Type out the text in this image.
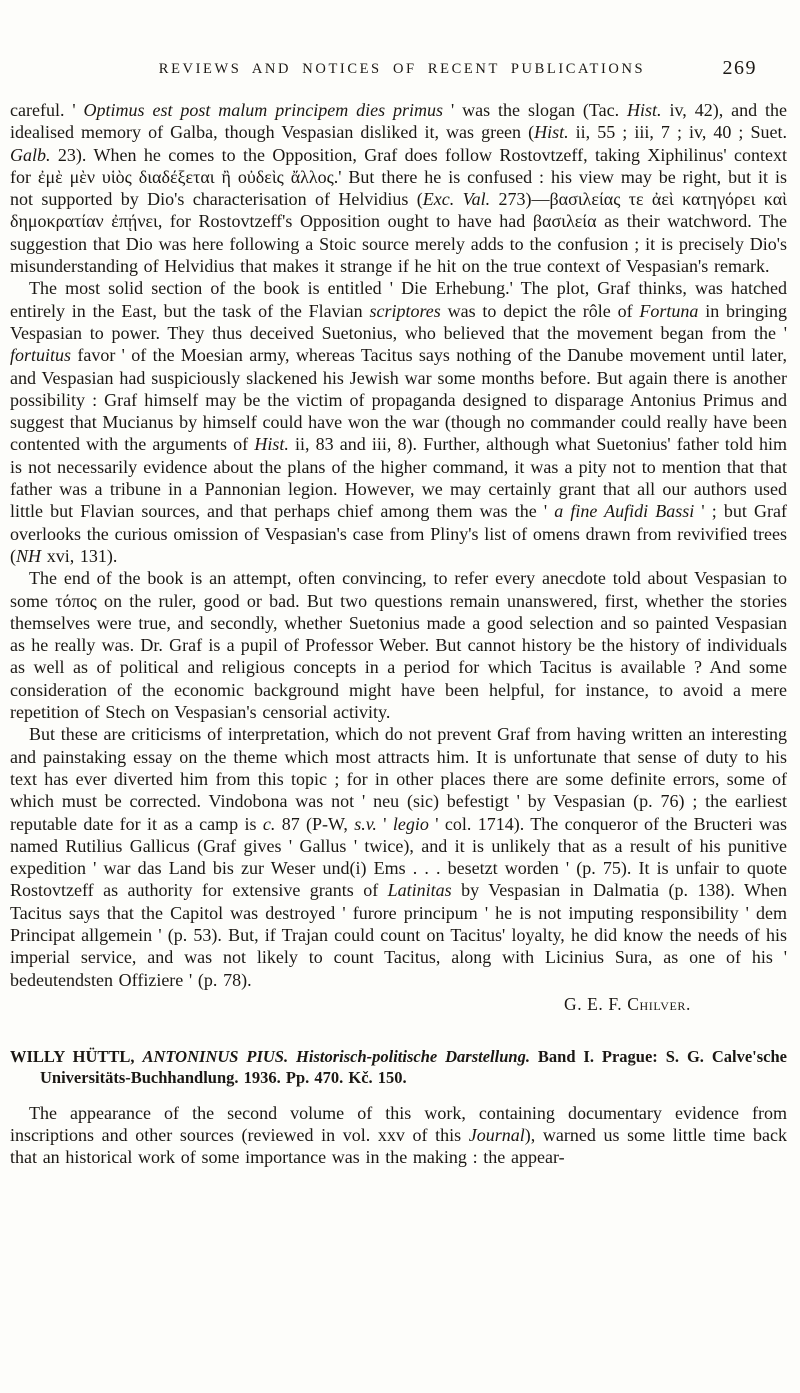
REVIEWS AND NOTICES OF RECENT PUBLICATIONS	269

careful. ' Optimus est post malum principem dies primus ' was the slogan (Tac. Hist. iv, 42), and the idealised memory of Galba, though Vespasian disliked it, was green (Hist. ii, 55 ; iii, 7 ; iv, 40 ; Suet. Galb. 23). When he comes to the Opposition, Graf does follow Rostovtzeff, taking Xiphilinus' context for ἐμὲ μὲν υἱὸς διαδέξεται ἢ οὐδεὶς ἄλλος.' But there he is confused : his view may be right, but it is not supported by Dio's characterisation of Helvidius (Exc. Val. 273)—βασιλείας τε ἀεὶ κατηγόρει καὶ δημοκρατίαν ἐπῄνει, for Rostovtzeff's Opposition ought to have had βασιλεία as their watchword. The suggestion that Dio was here following a Stoic source merely adds to the confusion ; it is precisely Dio's misunderstanding of Helvidius that makes it strange if he hit on the true context of Vespasian's remark.

The most solid section of the book is entitled ' Die Erhebung.' The plot, Graf thinks, was hatched entirely in the East, but the task of the Flavian scriptores was to depict the rôle of Fortuna in bringing Vespasian to power. They thus deceived Suetonius, who believed that the movement began from the ' fortuitus favor ' of the Moesian army, whereas Tacitus says nothing of the Danube movement until later, and Vespasian had suspiciously slackened his Jewish war some months before. But again there is another possibility : Graf himself may be the victim of propaganda designed to disparage Antonius Primus and suggest that Mucianus by himself could have won the war (though no commander could really have been contented with the arguments of Hist. ii, 83 and iii, 8). Further, although what Suetonius' father told him is not necessarily evidence about the plans of the higher command, it was a pity not to mention that that father was a tribune in a Pannonian legion. However, we may certainly grant that all our authors used little but Flavian sources, and that perhaps chief among them was the ' a fine Aufidi Bassi ' ; but Graf overlooks the curious omission of Vespasian's case from Pliny's list of omens drawn from revivified trees (NH xvi, 131).

The end of the book is an attempt, often convincing, to refer every anecdote told about Vespasian to some τόπος on the ruler, good or bad. But two questions remain unanswered, first, whether the stories themselves were true, and secondly, whether Suetonius made a good selection and so painted Vespasian as he really was. Dr. Graf is a pupil of Professor Weber. But cannot history be the history of individuals as well as of political and religious concepts in a period for which Tacitus is available ? And some consideration of the economic background might have been helpful, for instance, to avoid a mere repetition of Stech on Vespasian's censorial activity.

But these are criticisms of interpretation, which do not prevent Graf from having written an interesting and painstaking essay on the theme which most attracts him. It is unfortunate that sense of duty to his text has ever diverted him from this topic ; for in other places there are some definite errors, some of which must be corrected. Vindobona was not ' neu (sic) befestigt ' by Vespasian (p. 76) ; the earliest reputable date for it as a camp is c. 87 (P-W, s.v. ' legio ' col. 1714). The conqueror of the Bructeri was named Rutilius Gallicus (Graf gives ' Gallus ' twice), and it is unlikely that as a result of his punitive expedition ' war das Land bis zur Weser und(i) Ems . . . besetzt worden ' (p. 75). It is unfair to quote Rostovtzeff as authority for extensive grants of Latinitas by Vespasian in Dalmatia (p. 138). When Tacitus says that the Capitol was destroyed ' furore principum ' he is not imputing responsibility ' dem Principat allgemein ' (p. 53). But, if Trajan could count on Tacitus' loyalty, he did know the needs of his imperial service, and was not likely to count Tacitus, along with Licinius Sura, as one of his ' bedeutendsten Offiziere ' (p. 78).

G. E. F. Chilver.

WILLY HÜTTL, ANTONINUS PIUS. Historisch-politische Darstellung. Band I. Prague: S. G. Calve'sche Universitäts-Buchhandlung. 1936. Pp. 470. Kč. 150.

The appearance of the second volume of this work, containing documentary evidence from inscriptions and other sources (reviewed in vol. xxv of this Journal), warned us some little time back that an historical work of some importance was in the making : the appear-
